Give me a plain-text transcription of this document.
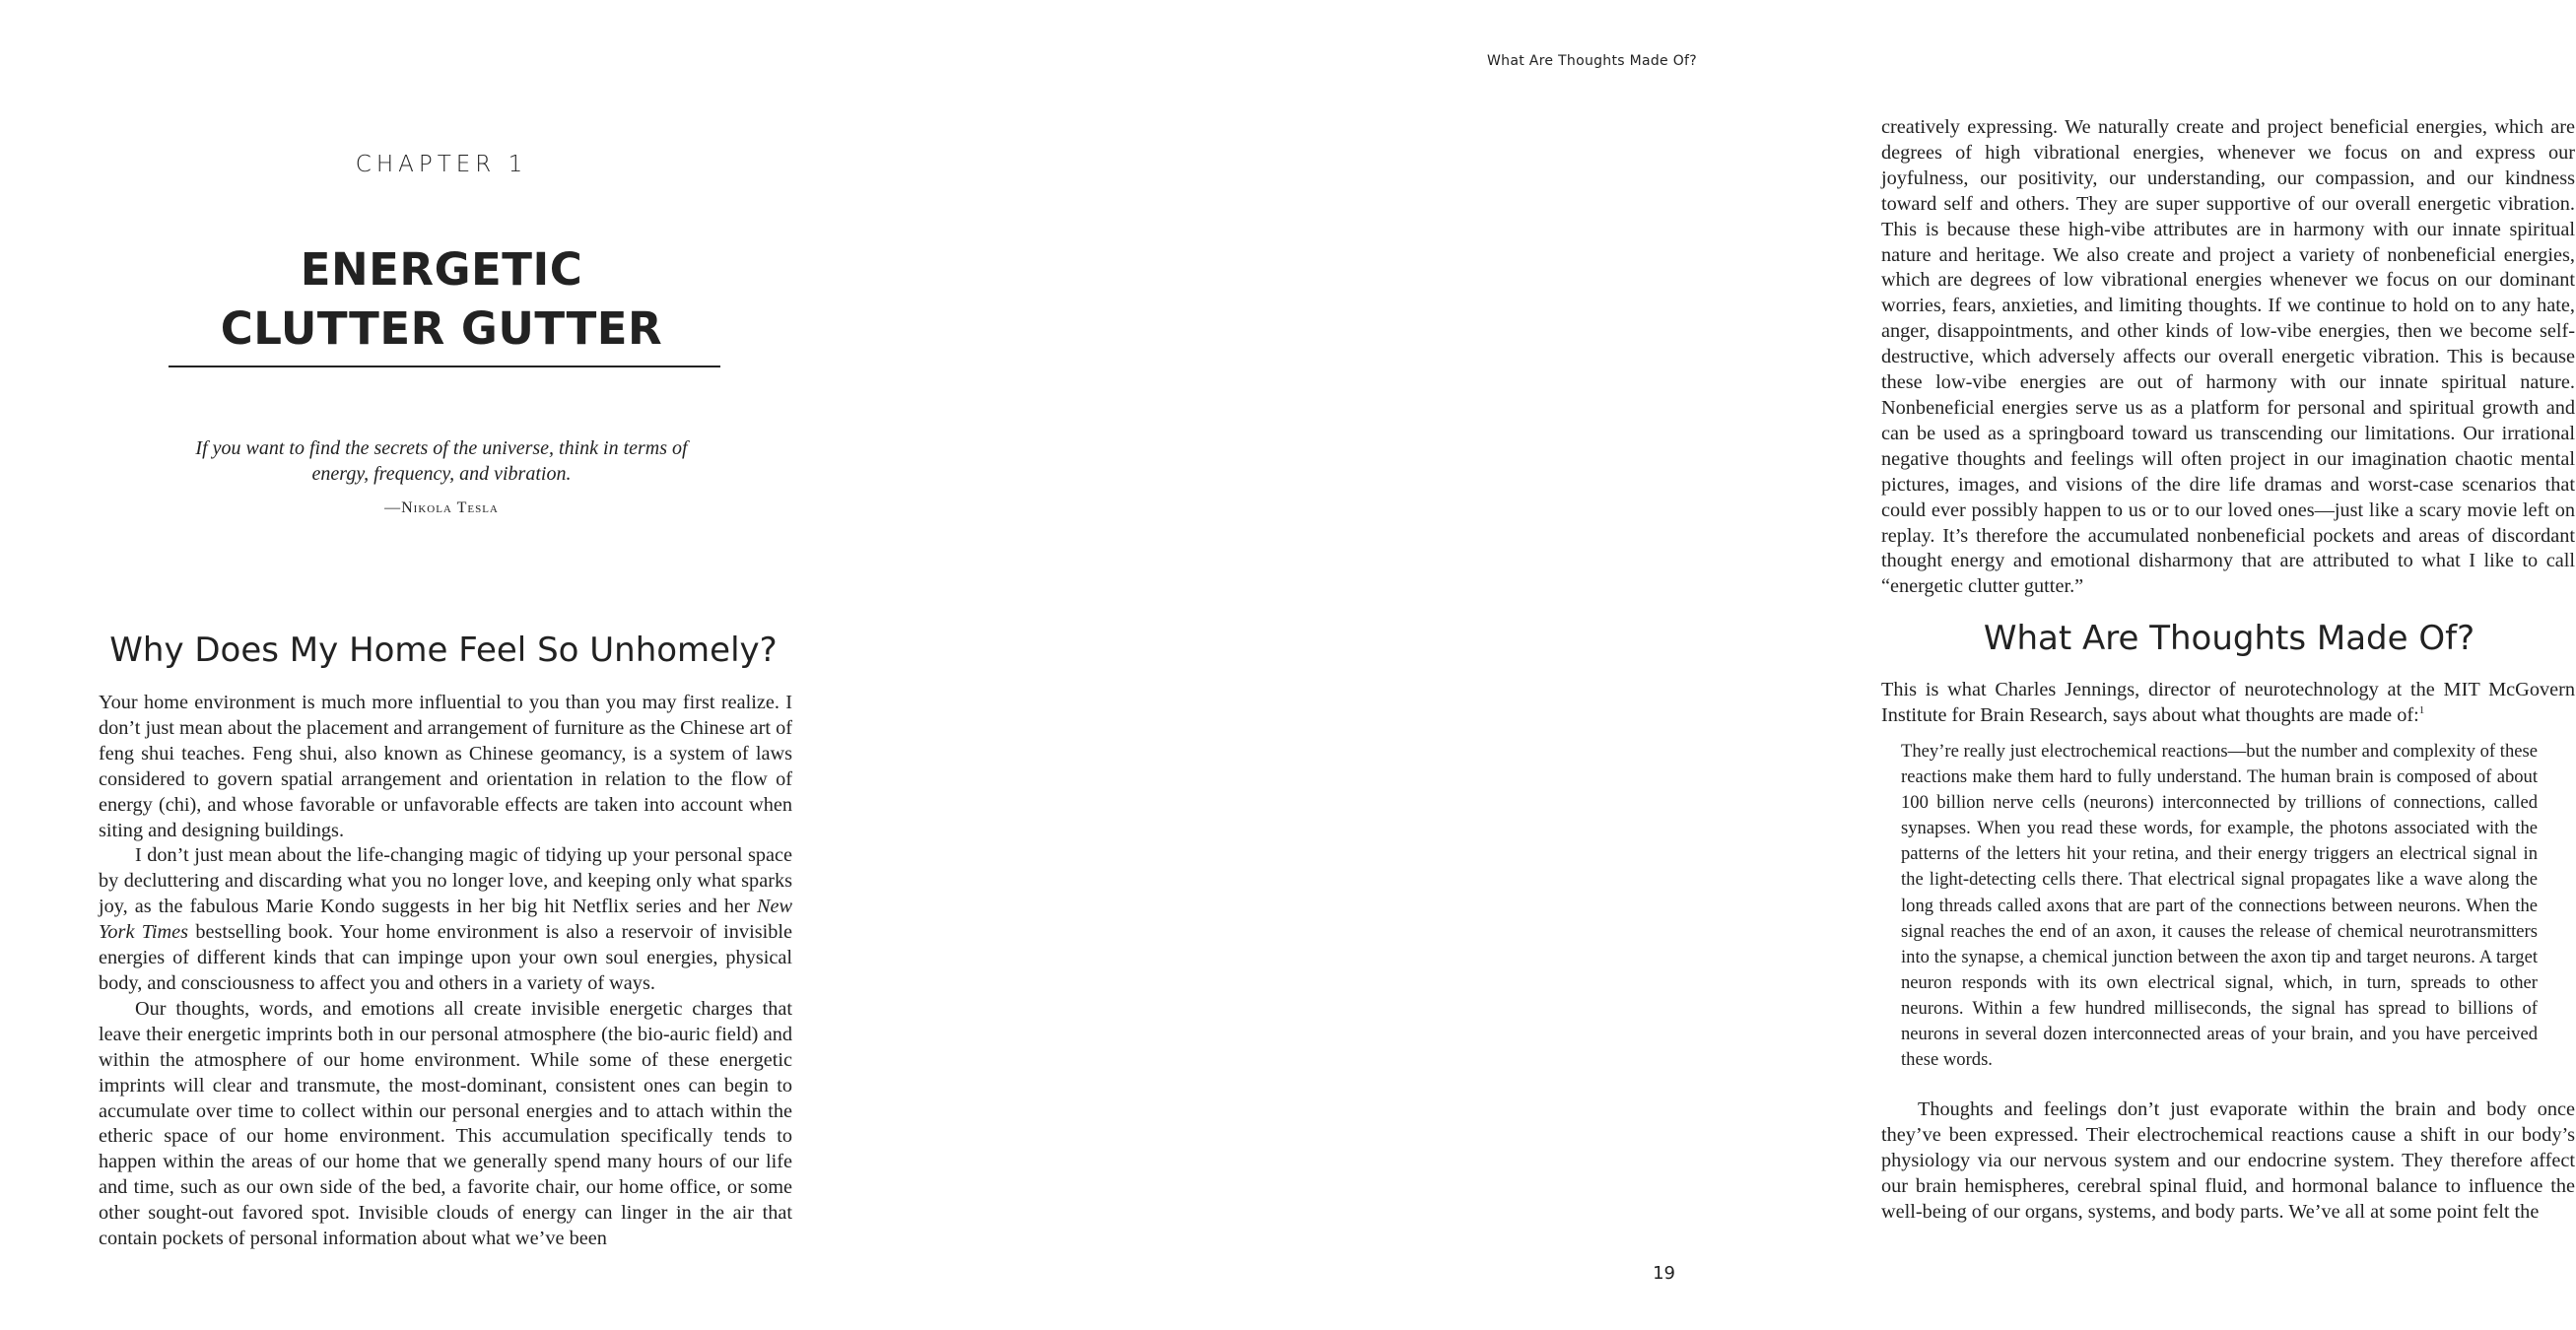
CHAPTER 1
ENERGETIC
CLUTTER GUTTER

If you want to find the secrets of the universe, think in terms of energy, frequency, and vibration.

—Nikola Tesla

Why Does My Home Feel So Unhomely?

Your home environment is much more influential to you than you may first realize. I don’t just mean about the placement and arrangement of furniture as the Chinese art of feng shui teaches. Feng shui, also known as Chinese geomancy, is a system of laws considered to govern spatial arrangement and orientation in relation to the flow of energy (chi), and whose favorable or unfavorable effects are taken into account when siting and designing buildings.

I don’t just mean about the life-changing magic of tidying up your personal space by decluttering and discarding what you no longer love, and keeping only what sparks joy, as the fabulous Marie Kondo suggests in her big hit Netflix series and her New York Times bestselling book. Your home environment is also a reservoir of invisible energies of different kinds that can impinge upon your own soul energies, physical body, and consciousness to affect you and others in a variety of ways.

Our thoughts, words, and emotions all create invisible energetic charges that leave their energetic imprints both in our personal atmosphere (the bio-auric field) and within the atmosphere of our home environment. While some of these energetic imprints will clear and transmute, the most-dominant, consistent ones can begin to accumulate over time to collect within our personal energies and to attach within the etheric space of our home environment. This accumulation specifically tends to happen within the areas of our home that we generally spend many hours of our life and time, such as our own side of the bed, a favorite chair, our home office, or some other sought-out favored spot. Invisible clouds of energy can linger in the air that contain pockets of personal information about what we’ve been

What Are Thoughts Made Of?

creatively expressing. We naturally create and project beneficial energies, which are degrees of high vibrational energies, whenever we focus on and express our joyfulness, our positivity, our understanding, our compassion, and our kindness toward self and others. They are super supportive of our overall energetic vibration. This is because these high-vibe attributes are in harmony with our innate spiritual nature and heritage. We also create and project a variety of nonbeneficial energies, which are degrees of low vibrational energies whenever we focus on our dominant worries, fears, anxieties, and limiting thoughts. If we continue to hold on to any hate, anger, disappointments, and other kinds of low-vibe energies, then we become self-destructive, which adversely affects our overall energetic vibration. This is because these low-vibe energies are out of harmony with our innate spiritual nature. Nonbeneficial energies serve us as a platform for personal and spiritual growth and can be used as a springboard toward us transcending our limitations. Our irrational negative thoughts and feelings will often project in our imagination chaotic mental pictures, images, and visions of the dire life dramas and worst-case scenarios that could ever possibly happen to us or to our loved ones—just like a scary movie left on replay. It’s therefore the accumulated nonbeneficial pockets and areas of discordant thought energy and emotional disharmony that are attributed to what I like to call “energetic clutter gutter.”

What Are Thoughts Made Of?

This is what Charles Jennings, director of neurotechnology at the MIT McGovern Institute for Brain Research, says about what thoughts are made of:$^1$

They’re really just electrochemical reactions—but the number and complexity of these reactions make them hard to fully understand. The human brain is composed of about 100 billion nerve cells (neurons) interconnected by trillions of connections, called synapses. When you read these words, for example, the photons associated with the patterns of the letters hit your retina, and their energy triggers an electrical signal in the light-detecting cells there. That electrical signal propagates like a wave along the long threads called axons that are part of the connections between neurons. When the signal reaches the end of an axon, it causes the release of chemical neurotransmitters into the synapse, a chemical junction between the axon tip and target neurons. A target neuron responds with its own electrical signal, which, in turn, spreads to other neurons. Within a few hundred milliseconds, the signal has spread to billions of neurons in several dozen interconnected areas of your brain, and you have perceived these words.

Thoughts and feelings don’t just evaporate within the brain and body once they’ve been expressed. Their electrochemical reactions cause a shift in our body’s physiology via our nervous system and our endocrine system. They therefore affect our brain hemispheres, cerebral spinal fluid, and hormonal balance to influence the well-being of our organs, systems, and body parts. We’ve all at some point felt the

19
